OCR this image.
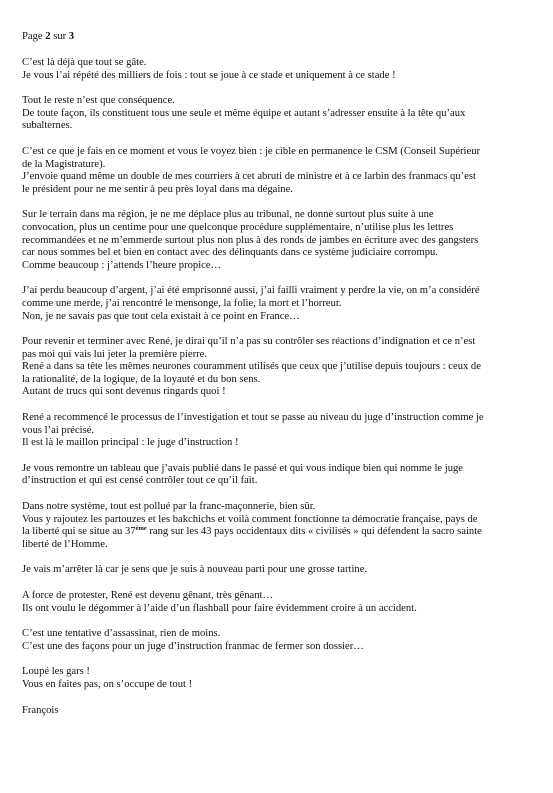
Page 2 sur 3
C’est là déjà que tout se gâte.
Je vous l’ai répété des milliers de fois : tout se joue à ce stade et uniquement à ce stade !
Tout le reste n’est que conséquence.
De toute façon, ils constituent tous une seule et même équipe et autant s’adresser ensuite à la tête qu’aux
subalternes.
C’est ce que je fais en ce moment et vous le voyez bien : je cible en permanence le CSM (Conseil Supérieur
de la Magistrature).
J’envoie quand même un double de mes courriers à cet abruti de ministre et à ce larbin des franmacs qu’est
le président pour ne me sentir à peu près loyal dans ma dégaine.
Sur le terrain dans ma région, je ne me déplace plus au tribunal, ne donne surtout plus suite à une
convocation, plus un centime pour une quelconque procédure supplémentaire, n’utilise plus les lettres
recommandées et ne m’emmerde surtout plus non plus à des ronds de jambes en écriture avec des gangsters
car nous sommes bel et bien en contact avec des délinquants dans ce système judiciaire corrompu.
Comme beaucoup : j’attends l’heure propice…
J’ai perdu beaucoup d’argent, j’ai été emprisonné aussi, j’ai failli vraiment y perdre la vie, on m’a considéré
comme une merde, j’ai rencontré le mensonge, la folie, la mort et l’horreur.
Non, je ne savais pas que tout cela existait à ce point en France…
Pour revenir et terminer avec René, je dirai qu’il n’a pas su contrôler ses réactions d’indignation et ce n’est
pas moi qui vais lui jeter la première pierre.
René a dans sa tête les mêmes neurones couramment utilisés que ceux que j’utilise depuis toujours : ceux de
la rationalité, de la logique, de la loyauté et du bon sens.
Autant de trucs qui sont devenus ringards quoi !
René a recommencé le processus de l’investigation et tout se passe au niveau du juge d’instruction comme je
vous l’ai précisé.
Il est là le maillon principal : le juge d’instruction !
Je vous remontre un tableau que j’avais publié dans le passé et qui vous indique bien qui nomme le juge
d’instruction et qui est censé contrôler tout ce qu’il fait.
Dans notre système, tout est pollué par la franc-maçonnerie, bien sûr.
Vous y rajoutez les partouzes et les bakchichs et voilà comment fonctionne ta démocratie française, pays de
la liberté qui se situe au 37ème rang sur les 43 pays occidentaux dits « civilisés » qui défendent la sacro sainte
liberté de l’Homme.
Je vais m’arrêter là car je sens que je suis à nouveau parti pour une grosse tartine.
A force de protester, René est devenu gênant, très gênant…
Ils ont voulu le dégommer à l’aide d’un flashball pour faire évidemment croire à un accident.
C’est une tentative d’assassinat, rien de moins.
C’est une des façons pour un juge d’instruction franmac de fermer son dossier…
Loupé les gars !
Vous en faites pas, on s’occupe de tout !
François
